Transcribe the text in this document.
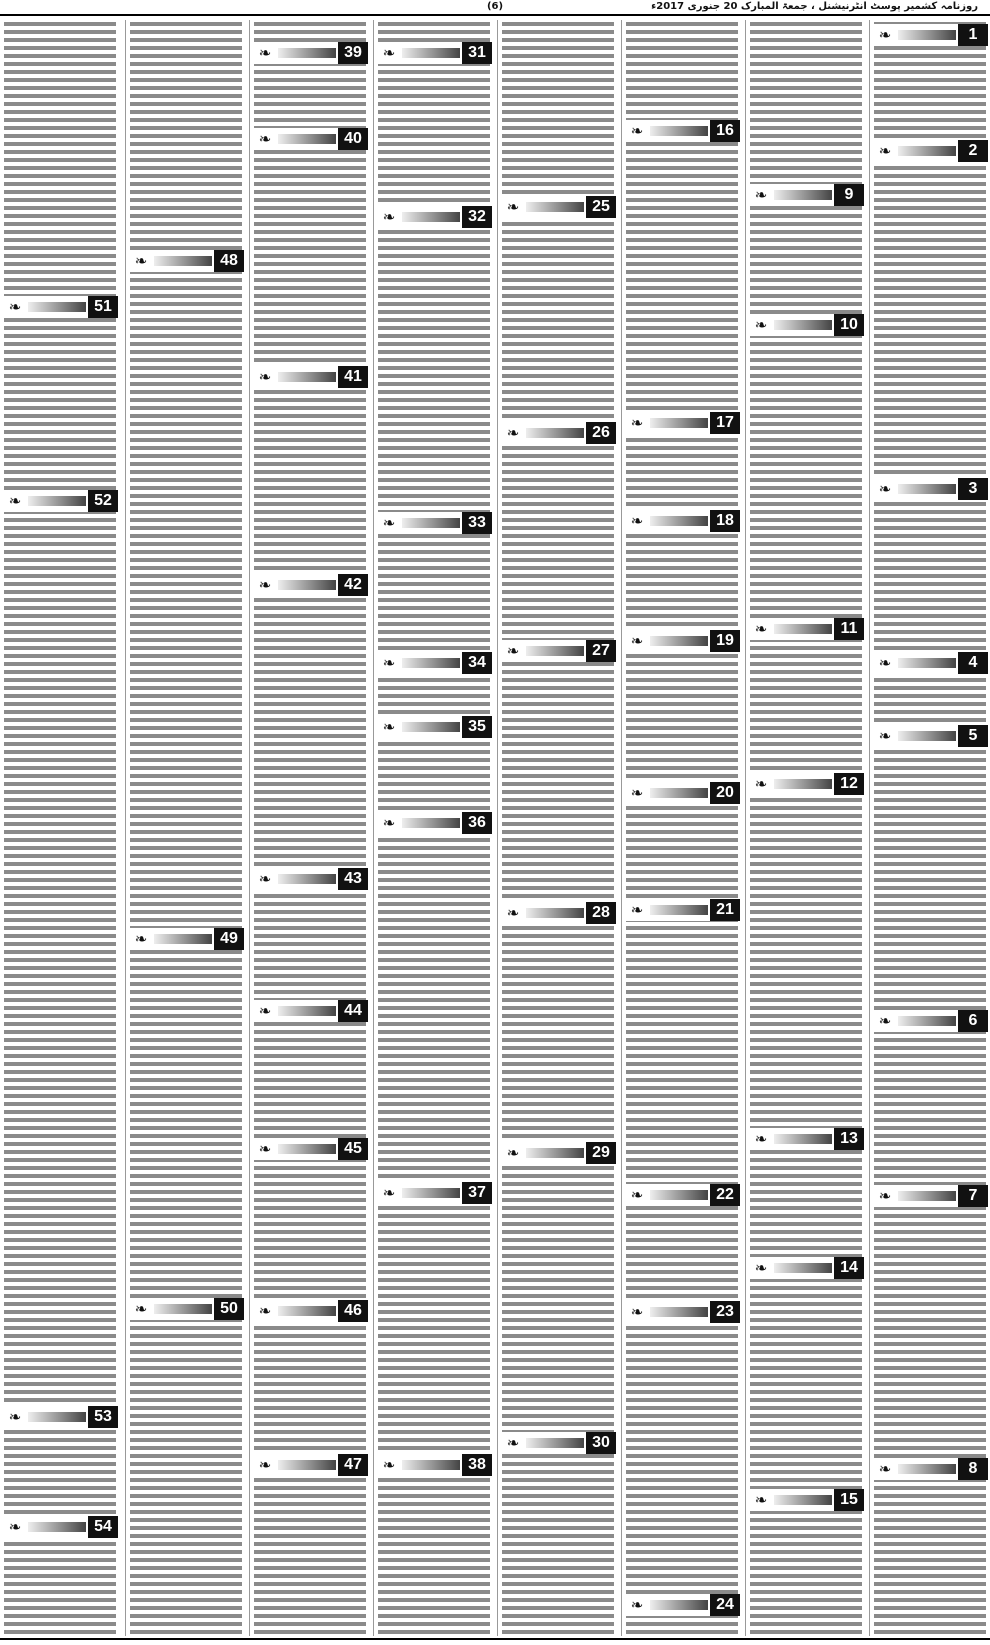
(6)	روزنامہ کشمیر پوسٹ انٹرنیشنل ، جمعۃ المبارک 20 جنوری 2017ء
❧	1
❧	2
❧	3
❧	4
❧	5
❧	6
❧	7
❧	8
❧	9
❧	10
❧	11
❧	12
❧	13
❧	14
❧	15
❧	16
❧	17
❧	18
❧	19
❧	20
❧	21
❧	22
❧	23
❧	24
❧	25
❧	26
❧	27
❧	28
❧	29
❧	30
❧	31
❧	32
❧	33
❧	34
❧	35
❧	36
❧	37
❧	38
❧	39
❧	40
❧	41
❧	42
❧	43
❧	44
❧	45
❧	46
❧	47
❧	48
❧	49
❧	50
❧	51
❧	52
❧	53
❧	54
